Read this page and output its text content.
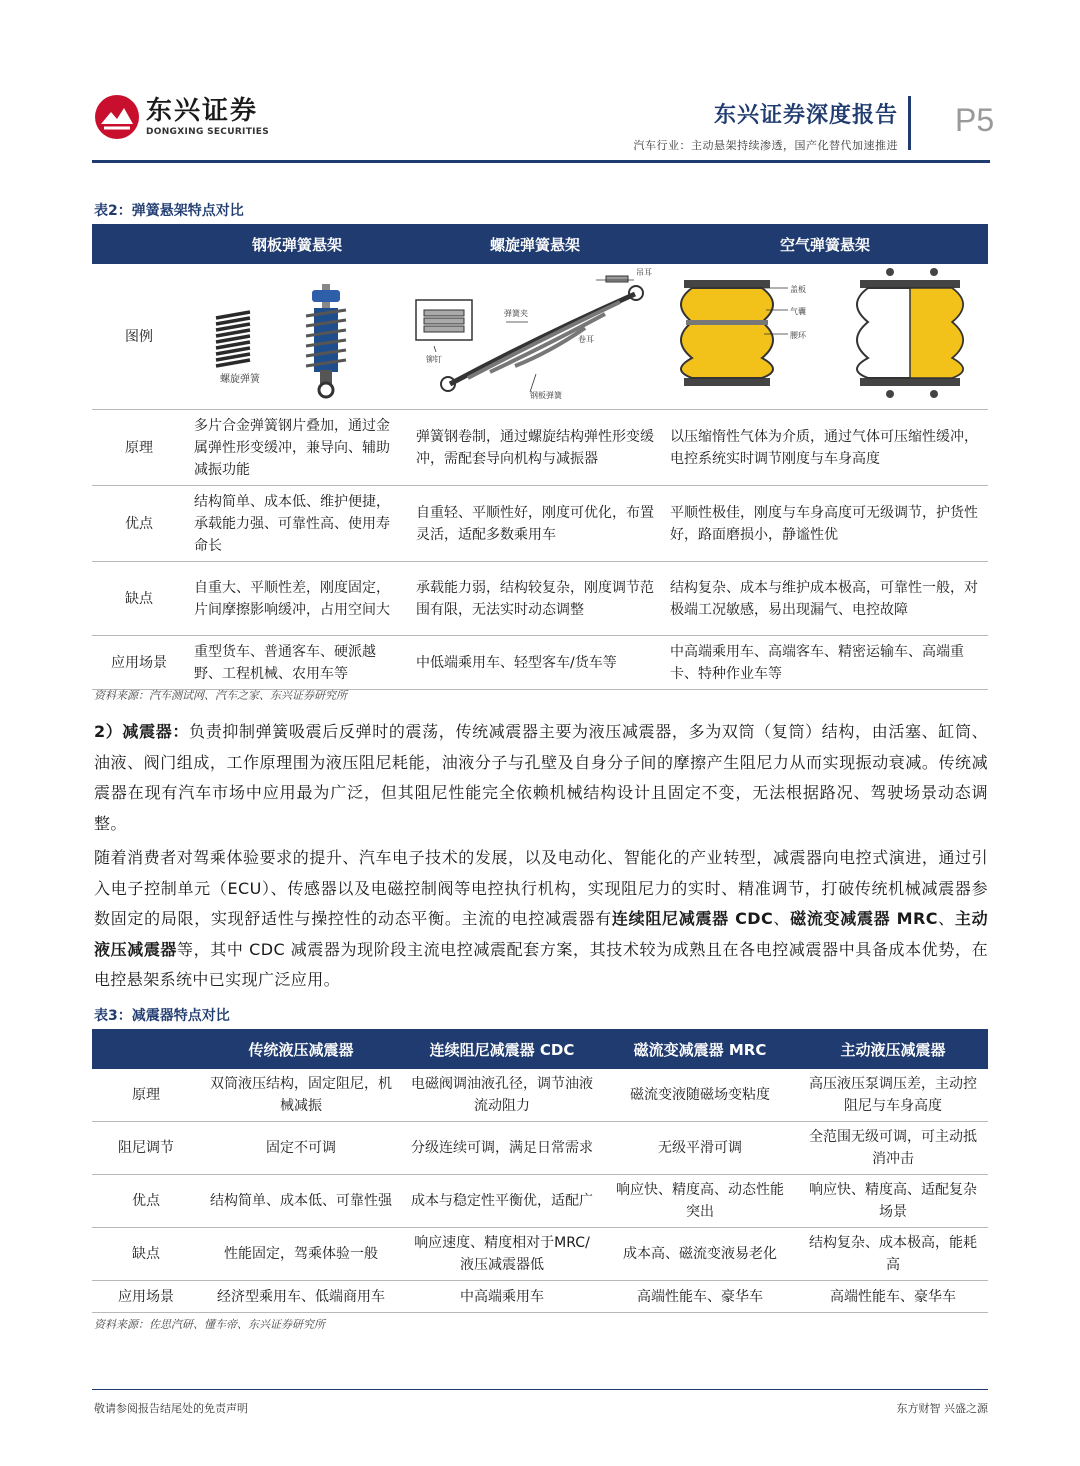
东兴证券
DONGXING SECURITIES
东兴证券深度报告
汽车行业：主动悬架持续渗透，国产化替代加速推进
P5
表2：弹簧悬架特点对比
	钢板弹簧悬架	螺旋弹簧悬架	空气弹簧悬架
图例	螺旋弹簧	弹簧夹
吊耳
卷耳
铆钉
钢板弹簧	盖板
气囊
腰环

原理	多片合金弹簧钢片叠加，通过金属弹性形变缓冲，兼导向、辅助减振功能	弹簧钢卷制，通过螺旋结构弹性形变缓冲，需配套导向机构与减振器	以压缩惰性气体为介质，通过气体可压缩性缓冲，电控系统实时调节刚度与车身高度
优点	结构简单、成本低、维护便捷，承载能力强、可靠性高、使用寿命长	自重轻、平顺性好，刚度可优化，布置灵活，适配多数乘用车	平顺性极佳，刚度与车身高度可无级调节，护货性好，路面磨损小，静谧性优
缺点	自重大、平顺性差，刚度固定，片间摩擦影响缓冲，占用空间大	承载能力弱，结构较复杂，刚度调节范围有限，无法实时动态调整	结构复杂、成本与维护成本极高，可靠性一般，对极端工况敏感，易出现漏气、电控故障
应用场景	重型货车、普通客车、硬派越野、工程机械、农用车等	中低端乘用车、轻型客车/货车等	中高端乘用车、高端客车、精密运输车、高端重卡、特种作业车等
资料来源：汽车测试网、汽车之家、东兴证券研究所
2）减震器：负责抑制弹簧吸震后反弹时的震荡，传统减震器主要为液压减震器，多为双筒（复筒）结构，由活塞、缸筒、油液、阀门组成，工作原理围为液压阻尼耗能，油液分子与孔壁及自身分子间的摩擦产生阻尼力从而实现振动衰减。传统减震器在现有汽车市场中应用最为广泛，但其阻尼性能完全依赖机械结构设计且固定不变，无法根据路况、驾驶场景动态调整。
随着消费者对驾乘体验要求的提升、汽车电子技术的发展，以及电动化、智能化的产业转型，减震器向电控式演进，通过引入电子控制单元（ECU）、传感器以及电磁控制阀等电控执行机构，实现阻尼力的实时、精准调节，打破传统机械减震器参数固定的局限，实现舒适性与操控性的动态平衡。主流的电控减震器有连续阻尼减震器 CDC、磁流变减震器 MRC、主动液压减震器等，其中 CDC 减震器为现阶段主流电控减震配套方案，其技术较为成熟且在各电控减震器中具备成本优势，在电控悬架系统中已实现广泛应用。
表3：减震器特点对比
	传统液压减震器	连续阻尼减震器 CDC	磁流变减震器 MRC	主动液压减震器
原理	双筒液压结构，固定阻尼，机械减振	电磁阀调油液孔径，调节油液流动阻力	磁流变液随磁场变粘度	高压液压泵调压差，主动控阻尼与车身高度
阻尼调节	固定不可调	分级连续可调，满足日常需求	无级平滑可调	全范围无级可调，可主动抵消冲击
优点	结构简单、成本低、可靠性强	成本与稳定性平衡优，适配广	响应快、精度高、动态性能突出	响应快、精度高、适配复杂场景
缺点	性能固定，驾乘体验一般	响应速度、精度相对于MRC/液压减震器低	成本高、磁流变液易老化	结构复杂、成本极高，能耗高
应用场景	经济型乘用车、低端商用车	中高端乘用车	高端性能车、豪华车	高端性能车、豪华车
资料来源：佐思汽研、懂车帝、东兴证券研究所
敬请参阅报告结尾处的免责声明	东方财智 兴盛之源
